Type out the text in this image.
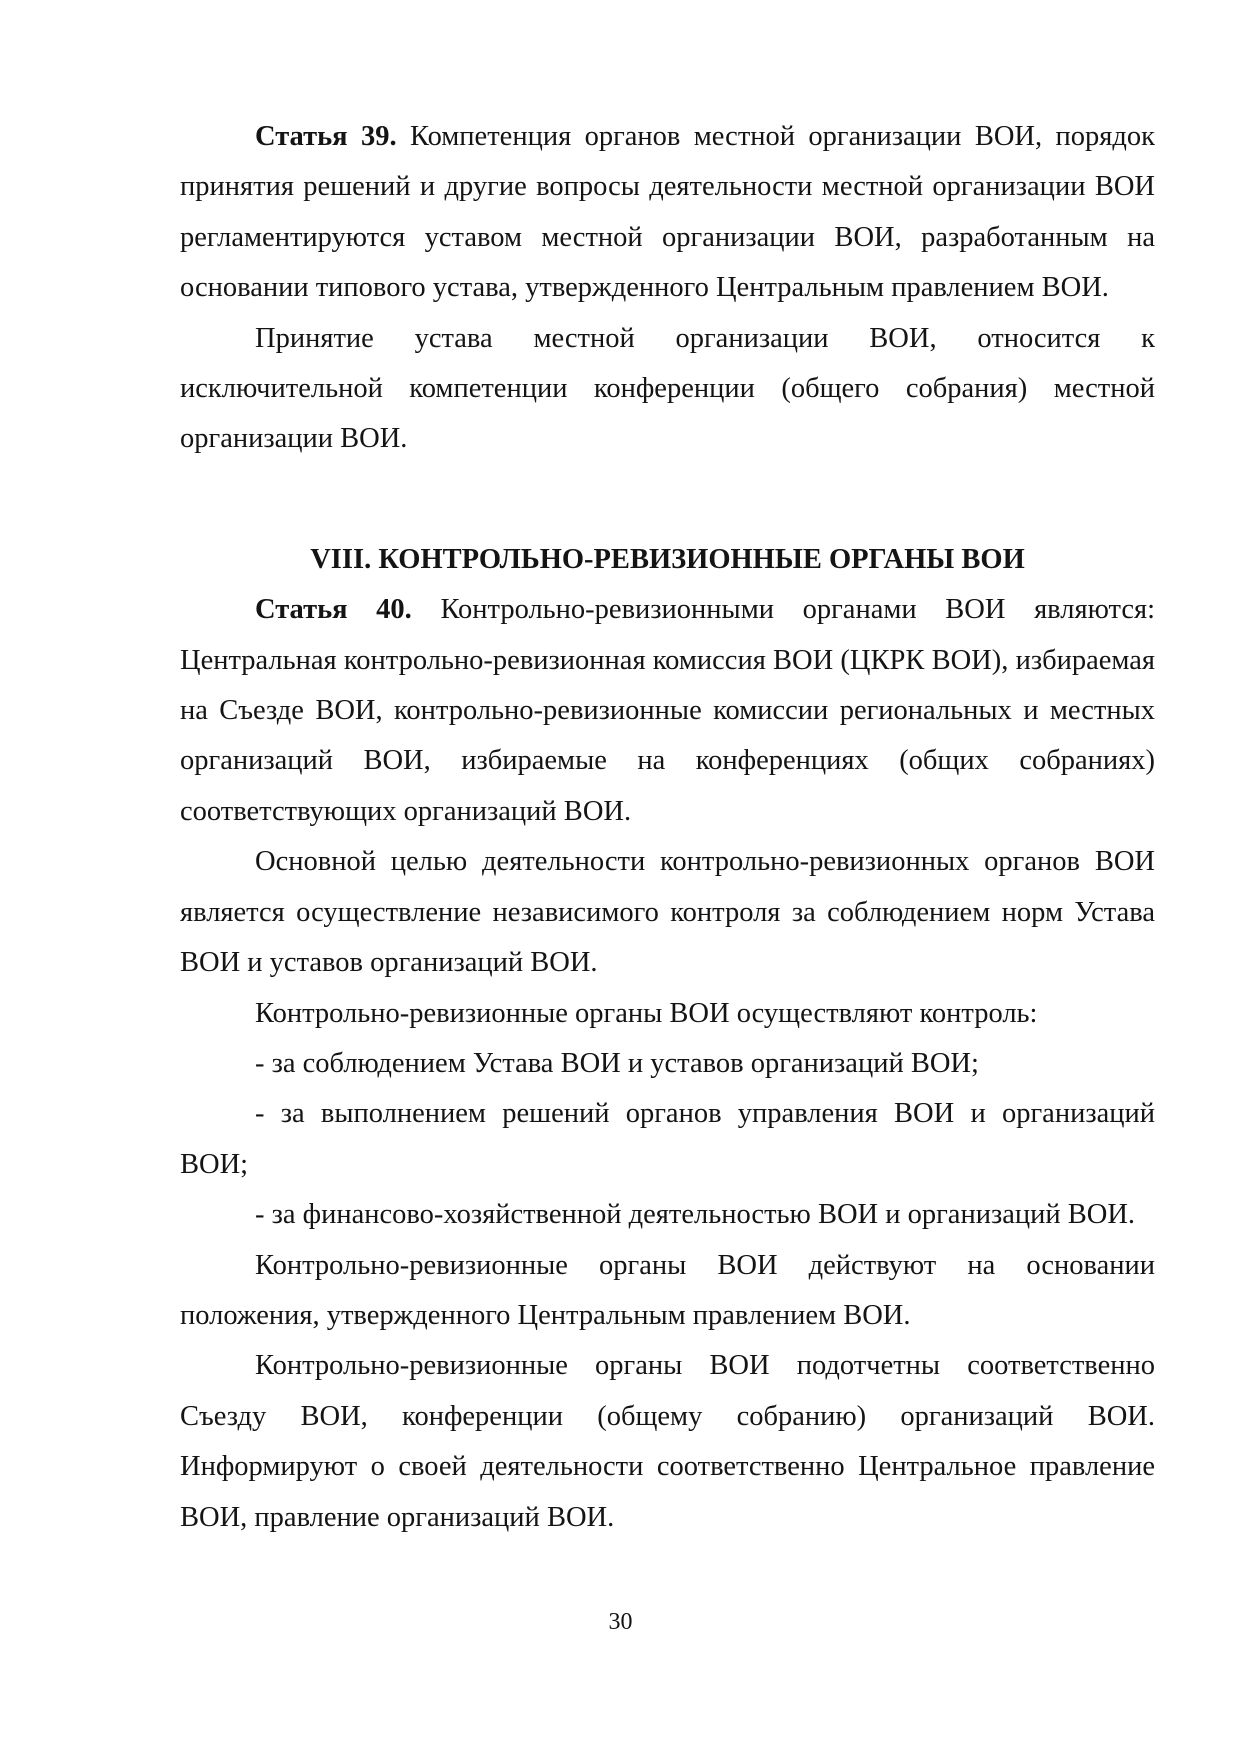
Статья 39. Компетенция органов местной организации ВОИ, порядок принятия решений и другие вопросы деятельности местной организации ВОИ регламентируются уставом местной организации ВОИ, разработанным на основании типового устава, утвержденного Центральным правлением ВОИ.

Принятие устава местной организации ВОИ, относится к исключительной компетенции конференции (общего собрания) местной организации ВОИ.

VIII. КОНТРОЛЬНО-РЕВИЗИОННЫЕ ОРГАНЫ ВОИ

Статья 40. Контрольно-ревизионными органами ВОИ являются: Центральная контрольно-ревизионная комиссия ВОИ (ЦКРК ВОИ), избираемая на Съезде ВОИ, контрольно-ревизионные комиссии региональных и местных организаций ВОИ, избираемые на конференциях (общих собраниях) соответствующих организаций ВОИ.

Основной целью деятельности контрольно-ревизионных органов ВОИ является осуществление независимого контроля за соблюдением норм Устава ВОИ и уставов организаций ВОИ.

Контрольно-ревизионные органы ВОИ осуществляют контроль:

- за соблюдением Устава ВОИ и уставов организаций ВОИ;

- за выполнением решений органов управления ВОИ и организаций ВОИ;

- за финансово-хозяйственной деятельностью ВОИ и организаций ВОИ.

Контрольно-ревизионные органы ВОИ действуют на основании положения, утвержденного Центральным правлением ВОИ.

Контрольно-ревизионные органы ВОИ подотчетны соответственно Съезду ВОИ, конференции (общему собранию) организаций ВОИ. Информируют о своей деятельности соответственно Центральное правление ВОИ, правление организаций ВОИ.

30
